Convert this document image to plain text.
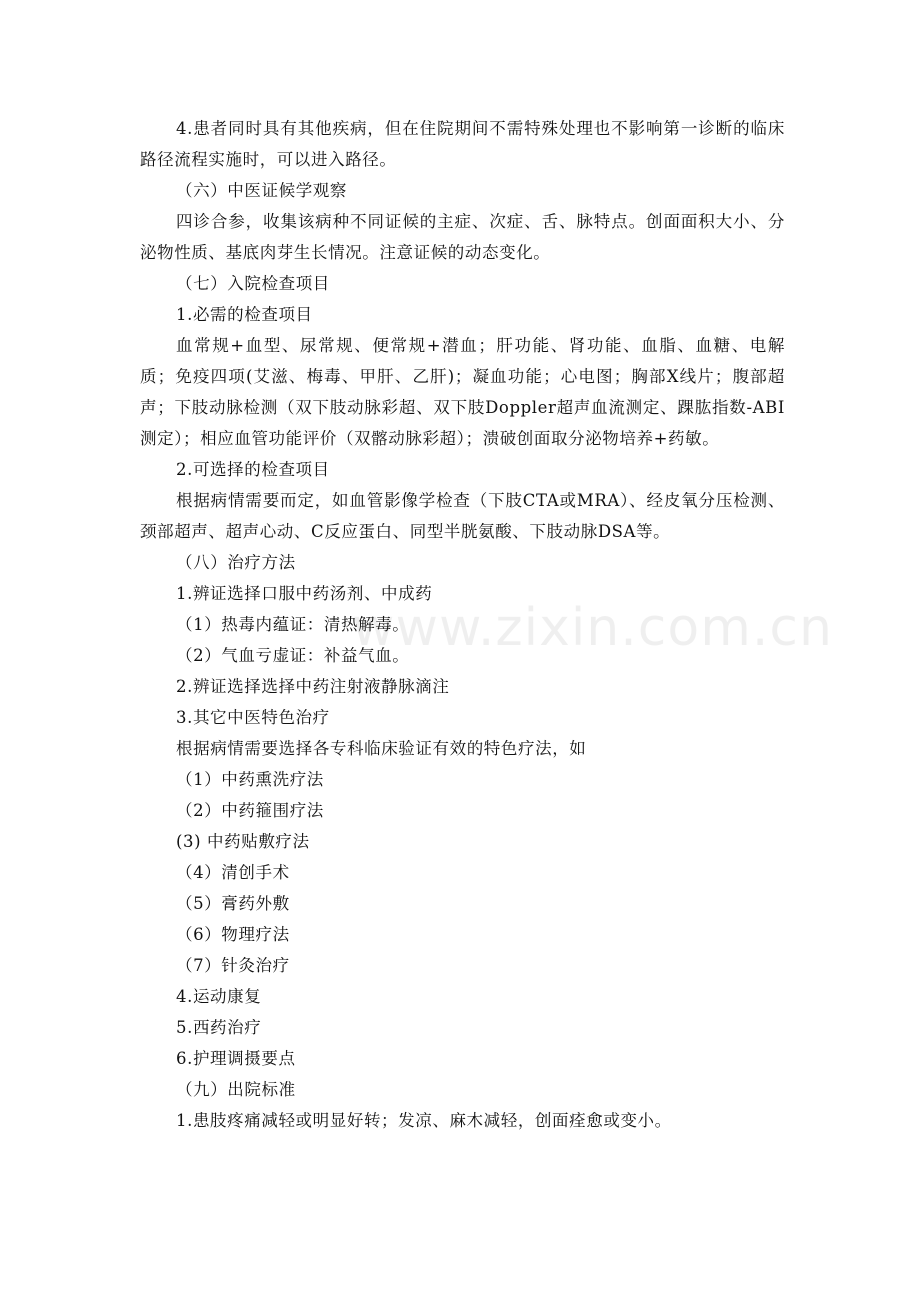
4.患者同时具有其他疾病，但在住院期间不需特殊处理也不影响第一诊断的临床路径流程实施时，可以进入路径。

（六）中医证候学观察

四诊合参，收集该病种不同证候的主症、次症、舌、脉特点。创面面积大小、分泌物性质、基底肉芽生长情况。注意证候的动态变化。

（七）入院检查项目

1.必需的检查项目

血常规+血型、尿常规、便常规+潜血；肝功能、肾功能、血脂、血糖、电解质；免疫四项(艾滋、梅毒、甲肝、乙肝)；凝血功能；心电图；胸部X线片；腹部超声；下肢动脉检测（双下肢动脉彩超、双下肢Doppler超声血流测定、踝肱指数-ABI测定）；相应血管功能评价（双髂动脉彩超）；溃破创面取分泌物培养+药敏。

2.可选择的检查项目

根据病情需要而定，如血管影像学检查（下肢CTA或MRA）、经皮氧分压检测、颈部超声、超声心动、C反应蛋白、同型半胱氨酸、下肢动脉DSA等。

（八）治疗方法

1.辨证选择口服中药汤剂、中成药

（1）热毒内蕴证：清热解毒。

（2）气血亏虚证：补益气血。

2.辨证选择选择中药注射液静脉滴注

3.其它中医特色治疗

根据病情需要选择各专科临床验证有效的特色疗法，如

（1）中药熏洗疗法

（2）中药箍围疗法

(3) 中药贴敷疗法

（4）清创手术

（5）膏药外敷

（6）物理疗法

（7）针灸治疗

4.运动康复

5.西药治疗

6.护理调摄要点

（九）出院标准

1.患肢疼痛减轻或明显好转；发凉、麻木减轻，创面痊愈或变小。

www.zixin.com.cn
